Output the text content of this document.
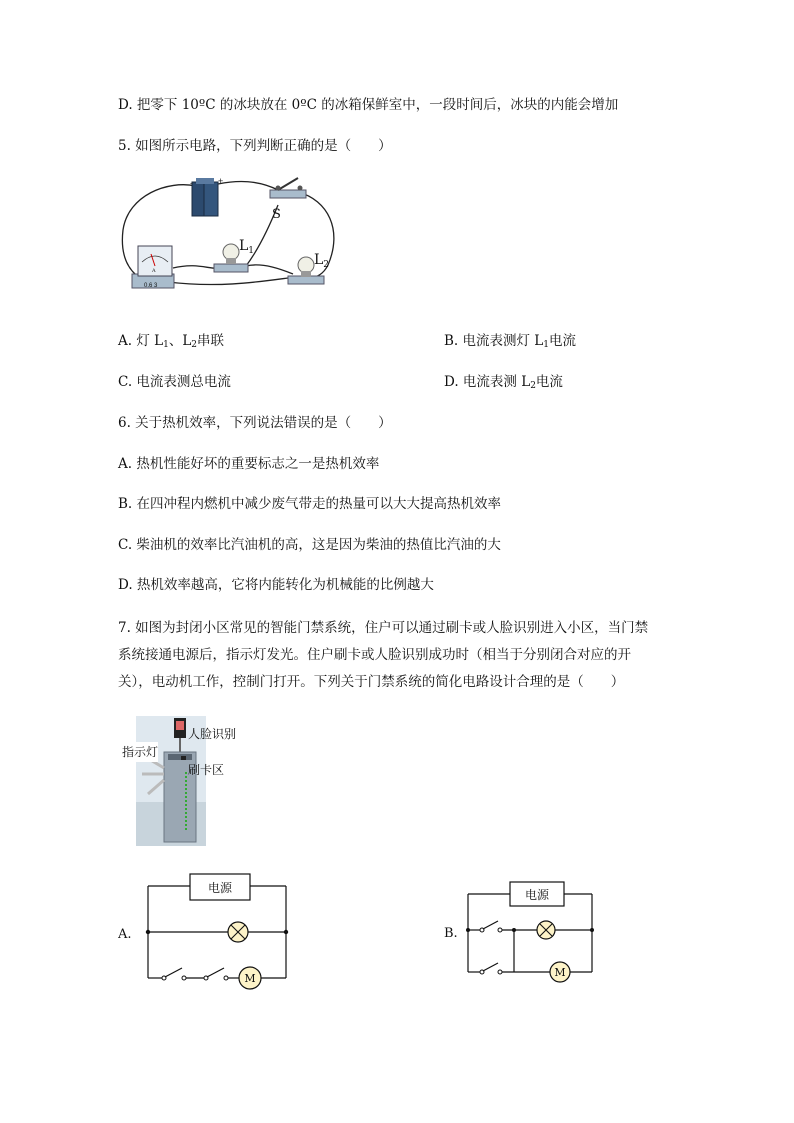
D. 把零下 10ºC 的冰块放在 0ºC 的冰箱保鲜室中，一段时间后，冰块的内能会增加
5. 如图所示电路，下列判断正确的是（　　）
-	+
S
A
0.6 3
$L_1$
$L_2$
A. 灯 $L_1$、$L_2$串联	B. 电流表测灯 $L_1$电流
C. 电流表测总电流	D. 电流表测 $L_2$电流
6. 关于热机效率，下列说法错误的是（　　）
A. 热机性能好坏的重要标志之一是热机效率
B. 在四冲程内燃机中减少废气带走的热量可以大大提高热机效率
C. 柴油机的效率比汽油机的高，这是因为柴油的热值比汽油的大
D. 热机效率越高，它将内能转化为机械能的比例越大
7. 如图为封闭小区常见的智能门禁系统，住户可以通过刷卡或人脸识别进入小区，当门禁
系统接通电源后，指示灯发光。住户刷卡或人脸识别成功时（相当于分别闭合对应的开
关），电动机工作，控制门打开。下列关于门禁系统的简化电路设计合理的是（　　）
人脸识别
刷卡区
指示灯
A.
电源
M
B.
电源
M
